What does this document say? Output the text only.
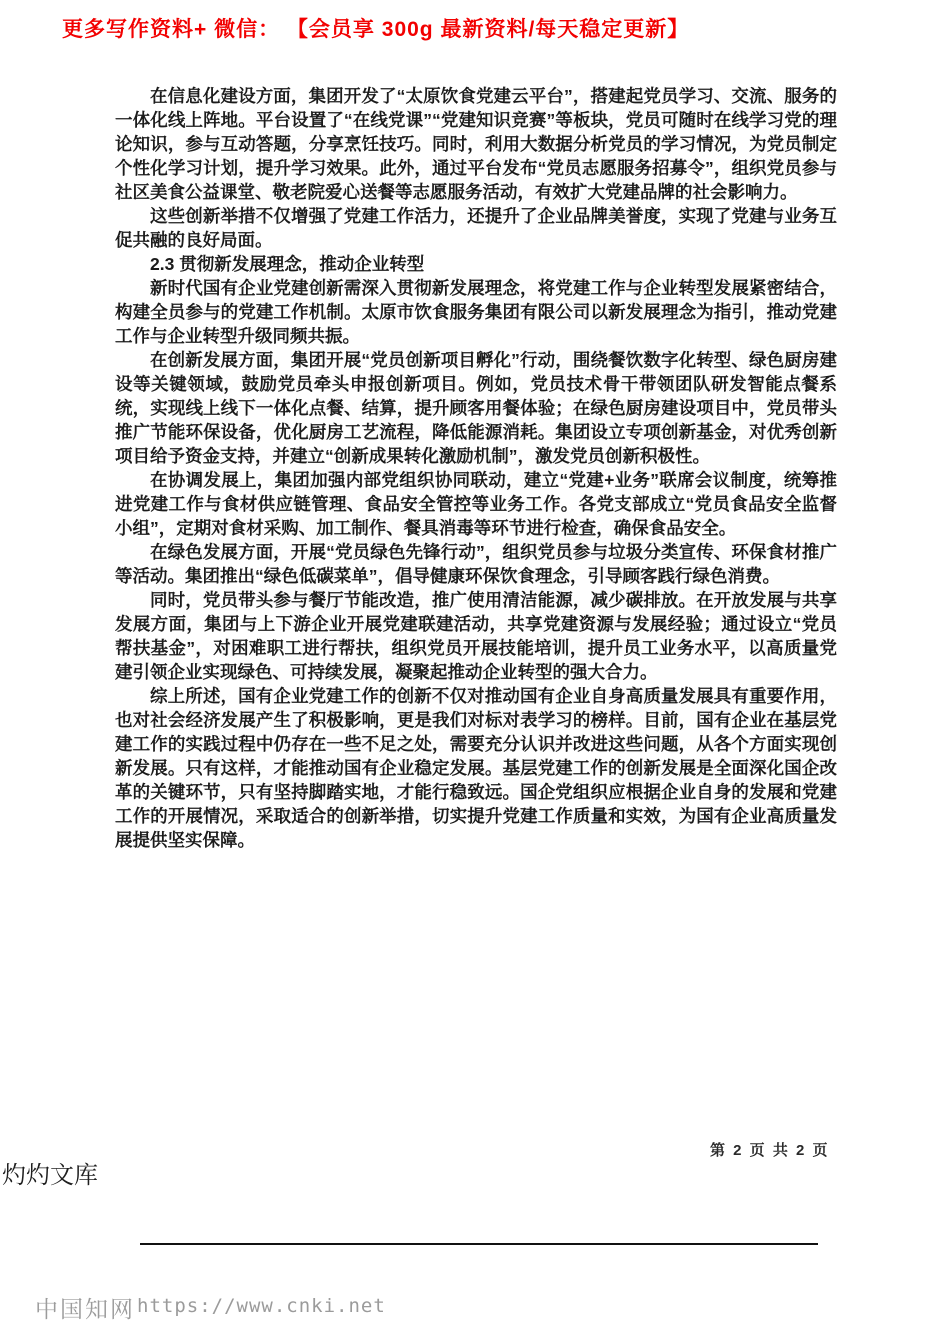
更多写作资料+ 微信： 【会员享 300g 最新资料/每天稳定更新】

在信息化建设方面，集团开发了“太原饮食党建云平台”，搭建起党员学习、交流、服务的一体化线上阵地。平台设置了“在线党课”“党建知识竞赛”等板块，党员可随时在线学习党的理论知识，参与互动答题，分享烹饪技巧。同时，利用大数据分析党员的学习情况，为党员制定个性化学习计划，提升学习效果。此外，通过平台发布“党员志愿服务招募令”，组织党员参与社区美食公益课堂、敬老院爱心送餐等志愿服务活动，有效扩大党建品牌的社会影响力。

这些创新举措不仅增强了党建工作活力，还提升了企业品牌美誉度，实现了党建与业务互促共融的良好局面。

2.3 贯彻新发展理念，推动企业转型

新时代国有企业党建创新需深入贯彻新发展理念，将党建工作与企业转型发展紧密结合，构建全员参与的党建工作机制。太原市饮食服务集团有限公司以新发展理念为指引，推动党建工作与企业转型升级同频共振。

在创新发展方面，集团开展“党员创新项目孵化”行动，围绕餐饮数字化转型、绿色厨房建设等关键领域，鼓励党员牵头申报创新项目。例如，党员技术骨干带领团队研发智能点餐系统，实现线上线下一体化点餐、结算，提升顾客用餐体验；在绿色厨房建设项目中，党员带头推广节能环保设备，优化厨房工艺流程，降低能源消耗。集团设立专项创新基金，对优秀创新项目给予资金支持，并建立“创新成果转化激励机制”，激发党员创新积极性。

在协调发展上，集团加强内部党组织协同联动，建立“党建+业务”联席会议制度，统筹推进党建工作与食材供应链管理、食品安全管控等业务工作。各党支部成立“党员食品安全监督小组”，定期对食材采购、加工制作、餐具消毒等环节进行检查，确保食品安全。

在绿色发展方面，开展“党员绿色先锋行动”，组织党员参与垃圾分类宣传、环保食材推广等活动。集团推出“绿色低碳菜单”，倡导健康环保饮食理念，引导顾客践行绿色消费。

同时，党员带头参与餐厅节能改造，推广使用清洁能源，减少碳排放。在开放发展与共享发展方面，集团与上下游企业开展党建联建活动，共享党建资源与发展经验；通过设立“党员帮扶基金”，对困难职工进行帮扶，组织党员开展技能培训，提升员工业务水平，以高质量党建引领企业实现绿色、可持续发展，凝聚起推动企业转型的强大合力。

综上所述，国有企业党建工作的创新不仅对推动国有企业自身高质量发展具有重要作用，也对社会经济发展产生了积极影响，更是我们对标对表学习的榜样。目前，国有企业在基层党建工作的实践过程中仍存在一些不足之处，需要充分认识并改进这些问题，从各个方面实现创新发展。只有这样，才能推动国有企业稳定发展。基层党建工作的创新发展是全面深化国企改革的关键环节，只有坚持脚踏实地，才能行稳致远。国企党组织应根据企业自身的发展和党建工作的开展情况，采取适合的创新举措，切实提升党建工作质量和实效，为国有企业高质量发展提供坚实保障。

第 2 页 共 2 页
灼灼文库
中国知网 https://www.cnki.net
